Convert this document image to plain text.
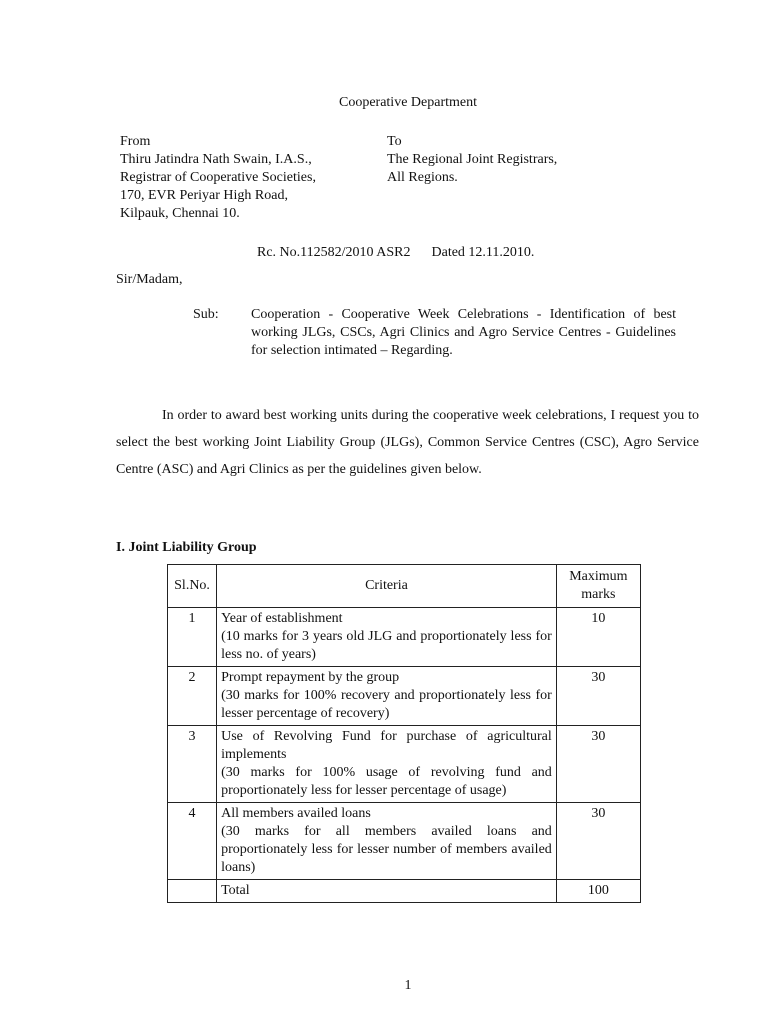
Cooperative Department
From
Thiru Jatindra Nath Swain, I.A.S.,
Registrar of Cooperative Societies,
170, EVR Periyar High Road,
Kilpauk, Chennai 10.
To
The Regional Joint Registrars,
All Regions.
Rc. No.112582/2010 ASR2      Dated 12.11.2010.
Sir/Madam,
Sub: Cooperation - Cooperative Week Celebrations - Identification of best working JLGs, CSCs, Agri Clinics and Agro Service Centres - Guidelines for selection intimated – Regarding.
In order to award best working units during the cooperative week celebrations, I request you to select the best working Joint Liability Group (JLGs), Common Service Centres (CSC), Agro Service Centre (ASC) and Agri Clinics as per the guidelines given below.
I. Joint Liability Group
Sl.No.	Criteria	Maximum marks
1	Year of establishment
(10 marks for 3 years old JLG and proportionately less for less no. of years)	10
2	Prompt repayment by the group
(30 marks for 100% recovery and proportionately less for lesser percentage of recovery)	30
3	Use of Revolving Fund for purchase of agricultural implements
(30 marks for 100% usage of revolving fund and proportionately less for lesser percentage of usage)	30
4	All members availed loans
(30 marks for all members availed loans and proportionately less for lesser number of members availed loans)	30
	Total	100
1
